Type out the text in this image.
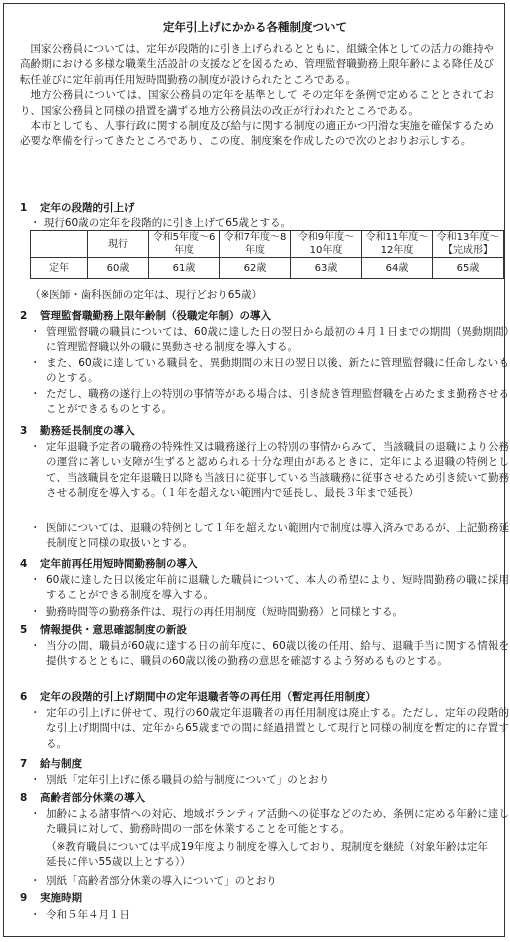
定年引上げにかかる各種制度ついて

国家公務員については、定年が段階的に引き上げられるとともに、組織全体としての活力の維持や高齢期における多様な職業生活設計の支援などを図るため、管理監督職勤務上限年齢による降任及び転任並びに定年前再任用短時間勤務の制度が設けられたところである。

地方公務員については、国家公務員の定年を基準として その定年を条例で定めることとされており、国家公務員と同様の措置を講ずる地方公務員法の改正が行われたところである。

本市としても、人事行政に関する制度及び給与に関する制度の適正かつ円滑な実施を確保するため必要な準備を行ってきたところであり、この度、制度案を作成したので次のとおりお示しする。

1 定年の段階的引上げ
・ 現行60歳の定年を段階的に引き上げて65歳とする。
	現行	令和5年度～6年度	令和7年度～8年度	令和9年度～10年度	令和11年度～12年度	令和13年度～【完成形】
定年	60歳	61歳	62歳	63歳	64歳	65歳
（※医師・歯科医師の定年は、現行どおり65歳）
2 管理監督職勤務上限年齢制（役職定年制）の導入
・ 管理監督職の職員については、60歳に達した日の翌日から最初の４月１日までの期間（異動期間）に管理監督職以外の職に異動させる制度を導入する。
・ また、60歳に達している職員を、異動期間の末日の翌日以後、新たに管理監督職に任命しないものとする。
・ ただし、職務の遂行上の特別の事情等がある場合は、引き続き管理監督職を占めたまま勤務させることができるものとする。
3 勤務延長制度の導入
・ 定年退職予定者の職務の特殊性又は職務遂行上の特別の事情からみて、当該職員の退職により公務の運営に著しい支障が生ずると認められる十分な理由があるときに、定年による退職の特例として、当該職員を定年退職日以降も当該日に従事している当該職務に従事させるため引き続いて勤務させる制度を導入する。（１年を超えない範囲内で延長し、最長３年まで延長）
・ 医師については、退職の特例として１年を超えない範囲内で制度は導入済みであるが、上記勤務延長制度と同様の取扱いとする。
4 定年前再任用短時間勤務制の導入
・ 60歳に達した日以後定年前に退職した職員について、本人の希望により、短時間勤務の職に採用することができる制度を導入する。
・ 勤務時間等の勤務条件は、現行の再任用制度（短時間勤務）と同様とする。
5 情報提供・意思確認制度の新設
・ 当分の間、職員が60歳に達する日の前年度に、60歳以後の任用、給与、退職手当に関する情報を提供するとともに、職員の60歳以後の勤務の意思を確認するよう努めるものとする。
6 定年の段階的引上げ期間中の定年退職者等の再任用（暫定再任用制度）
・ 定年の引上げに併せて、現行の60歳定年退職者の再任用制度は廃止する。ただし、定年の段階的な引上げ期間中は、定年から65歳までの間に経過措置として現行と同様の制度を暫定的に存置する。
7 給与制度
・ 別紙「定年引上げに係る職員の給与制度について」のとおり
8 高齢者部分休業の導入
・ 加齢による諸事情への対応、地域ボランティア活動への従事などのため、条例に定める年齢に達した職員に対して、勤務時間の一部を休業することを可能とする。
（※教育職員については平成19年度より制度を導入しており、現制度を継続（対象年齢は定年延長に伴い55歳以上とする））
・ 別紙「高齢者部分休業の導入について」のとおり
9 実施時期
・ 令和５年４月１日
